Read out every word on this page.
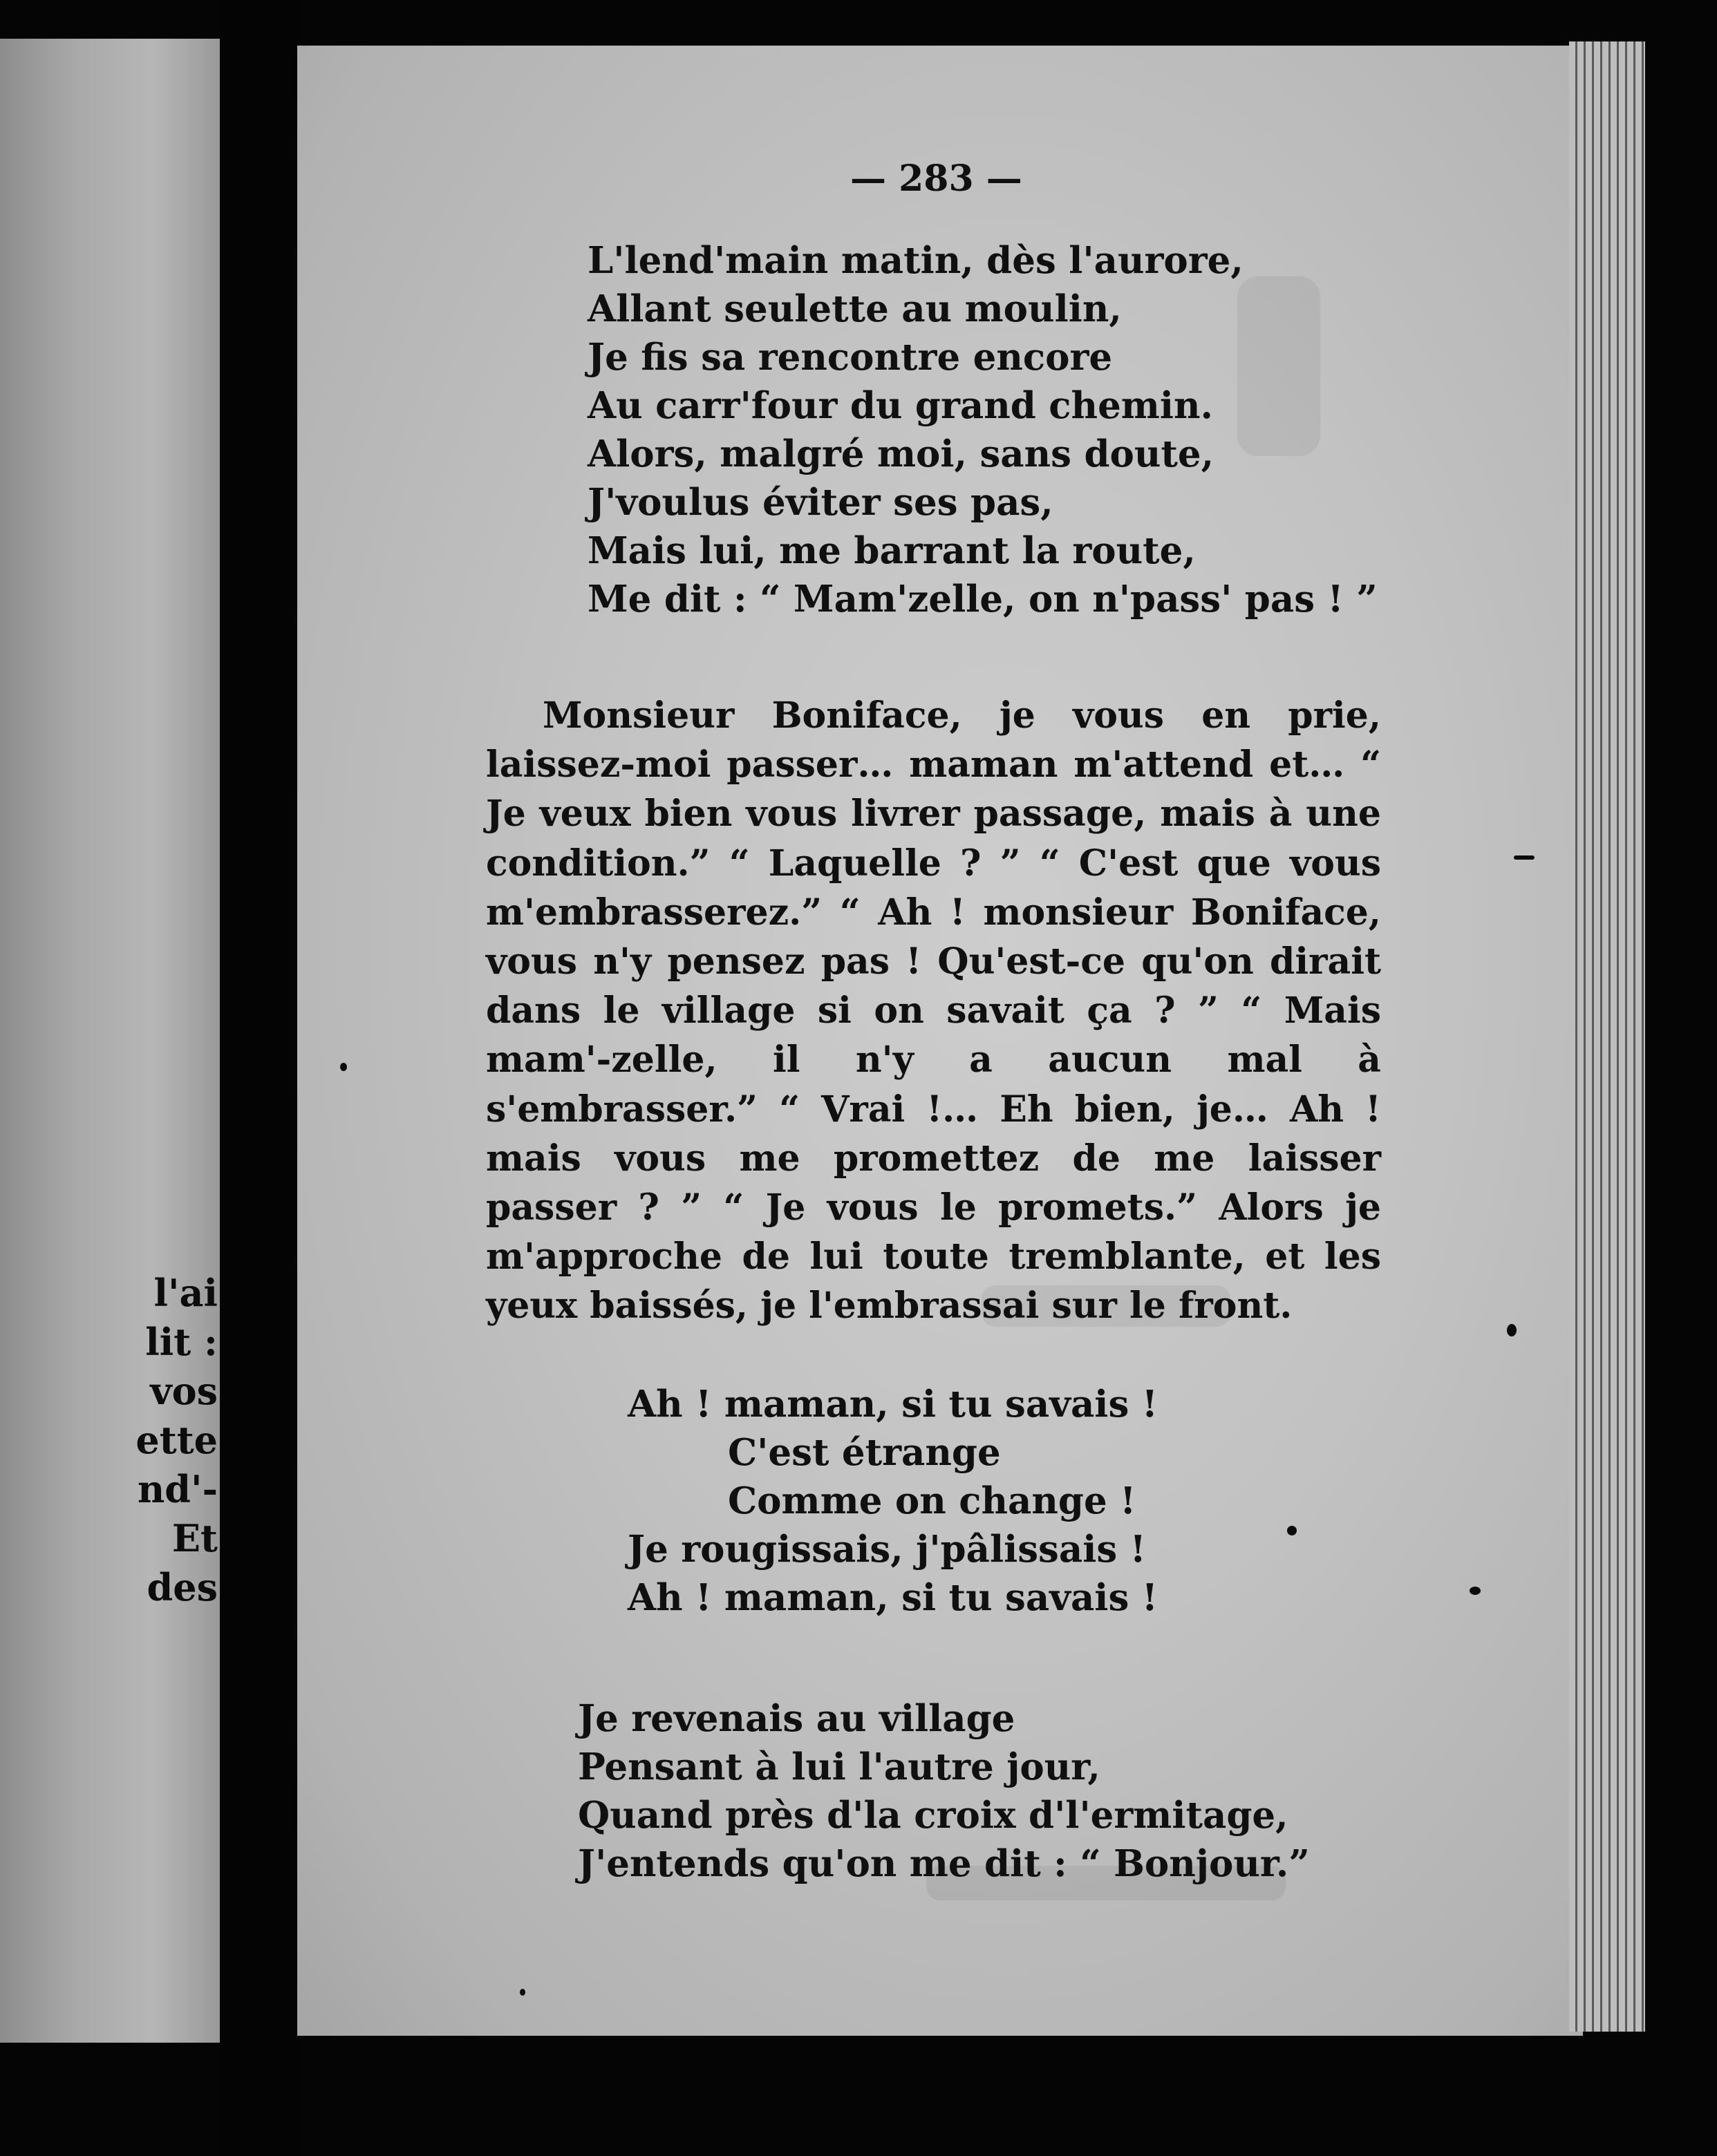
l'ai
lit :
vos
ette
nd'-
Et
des
— 283 —
L'lend'main matin, dès l'aurore,
Allant seulette au moulin,
Je fis sa rencontre encore
Au carr'four du grand chemin.
Alors, malgré moi, sans doute,
J'voulus éviter ses pas,
Mais lui, me barrant la route,
Me dit : “ Mam'zelle, on n'pass' pas ! ”
Monsieur Boniface, je vous en prie, laissez-moi passer… maman m'attend et… “ Je veux bien vous livrer passage, mais à une condition.” “ Laquelle ? ” “ C'est que vous m'embrasserez.” “ Ah ! monsieur Boniface, vous n'y pensez pas ! Qu'est-ce qu'on dirait dans le village si on savait ça ? ” “ Mais mam'-zelle, il n'y a aucun mal à s'embrasser.” “ Vrai !… Eh bien, je… Ah ! mais vous me promettez de me laisser passer ? ” “ Je vous le promets.” Alors je m'approche de lui toute tremblante, et les yeux baissés, je l'embrassai sur le front.
Ah ! maman, si tu savais !
C'est étrange
Comme on change !
Je rougissais, j'pâlissais !
Ah ! maman, si tu savais !
Je revenais au village
Pensant à lui l'autre jour,
Quand près d'la croix d'l'ermitage,
J'entends qu'on me dit : “ Bonjour.”
